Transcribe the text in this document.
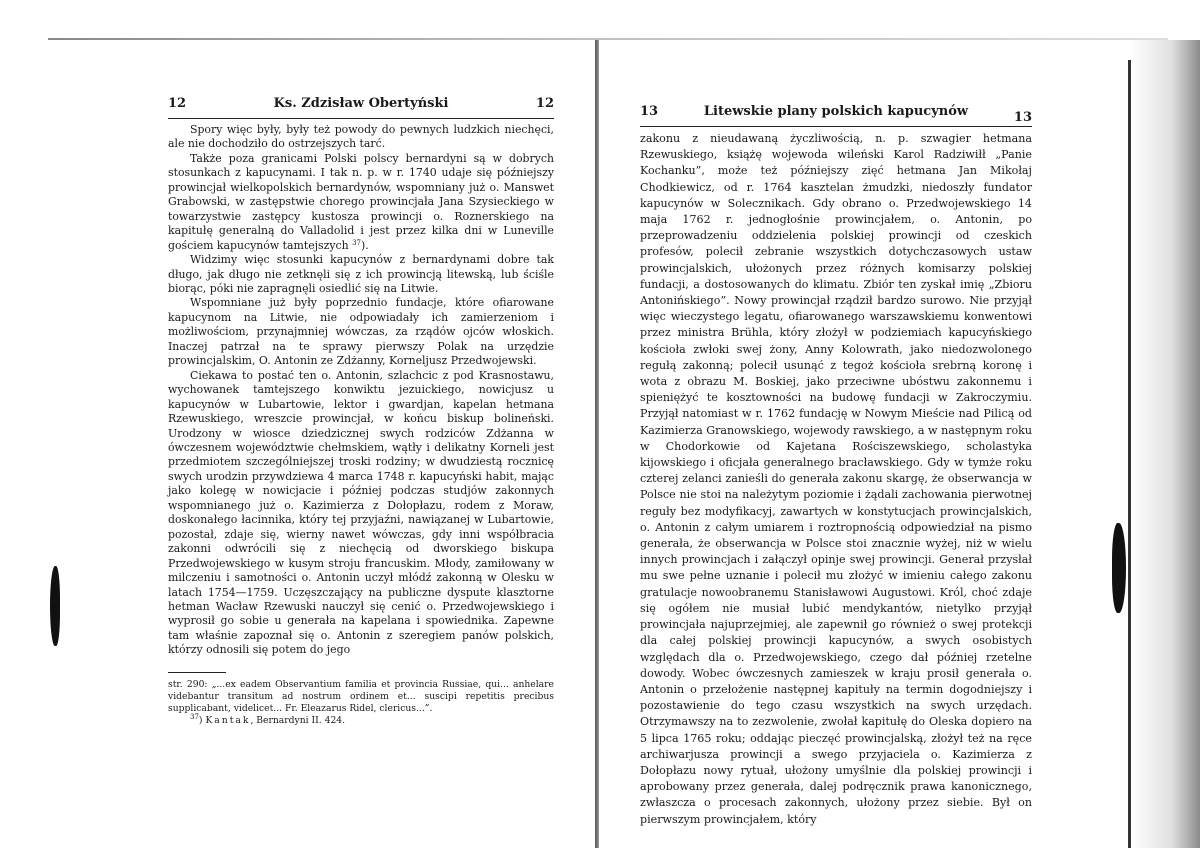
12	Ks. Zdzisław Obertyński	12

Spory więc były, były też powody do pewnych ludzkich niechęci, ale nie dochodziło do ostrzejszych tarć.

Także poza granicami Polski polscy bernardyni są w dobrych stosunkach z kapucynami. I tak n. p. w r. 1740 udaje się późniejszy prowincjał wielkopolskich bernardynów, wspomniany już o. Manswet Grabowski, w zastępstwie chorego prowincjała Jana Szysieckiego w towarzystwie zastępcy kustosza prowincji o. Roznerskiego na kapitułę generalną do Valladolid i jest przez kilka dni w Luneville gościem kapucynów tamtejszych $^{37}$).

Widzimy więc stosunki kapucynów z bernardynami dobre tak długo, jak długo nie zetknęli się z ich prowincją litewską, lub ściśle biorąc, póki nie zapragnęli osiedlić się na Litwie.

Wspomniane już były poprzednio fundacje, które ofiarowane kapucynom na Litwie, nie odpowiadały ich zamierzeniom i możliwościom, przynajmniej wówczas, za rządów ojców włoskich. Inaczej patrzał na te sprawy pierwszy Polak na urzędzie prowincjalskim, O. Antonin ze Zdżanny, Korneljusz Przedwojewski.

Ciekawa to postać ten o. Antonin, szlachcic z pod Krasnostawu, wychowanek tamtejszego konwiktu jezuickiego, nowicjusz u kapucynów w Lubartowie, lektor i gwardjan, kapelan hetmana Rzewuskiego, wreszcie prowincjał, w końcu biskup bolineński. Urodzony w wiosce dziedzicznej swych rodziców Zdżanna w ówczesnem województwie chełmskiem, wątły i delikatny Korneli jest przedmiotem szczególniejszej troski rodziny; w dwudziestą rocznicę swych urodzin przywdziewa 4 marca 1748 r. kapucyński habit, mając jako kolegę w nowicjacie i później podczas studjów zakonnych wspomnianego już o. Kazimierza z Dołopłazu, rodem z Moraw, doskonałego łacinnika, który tej przyjaźni, nawiązanej w Lubartowie, pozostał, zdaje się, wierny nawet wówczas, gdy inni współbracia zakonni odwrócili się z niechęcią od dworskiego biskupa Przedwojewskiego w kusym stroju francuskim. Młody, zamiłowany w milczeniu i samotności o. Antonin uczył młódź zakonną w Olesku w latach 1754—1759. Uczęszczający na publiczne dyspute klasztorne hetman Wacław Rzewuski nauczył się cenić o. Przedwojewskiego i wyprosił go sobie u generała na kapelana i spowiednika. Zapewne tam właśnie zapoznał się o. Antonin z szeregiem panów polskich, którzy odnosili się potem do jego

str. 290: „...ex eadem Observantium familia et provincia Russiae, qui... anhelare videbantur transitum ad nostrum ordinem et... suscipi repetitis precibus supplicabant, videlicet... Fr. Eleazarus Ridel, clericus...”.

$^{37}$) Kantak, Bernardyni II. 424.

13	Litewskie plany polskich kapucynów	13

zakonu z nieudawaną życzliwością, n. p. szwagier hetmana Rzewuskiego, książę wojewoda wileński Karol Radziwiłł „Panie Kochanku”, może też późniejszy zięć hetmana Jan Mikołaj Chodkiewicz, od r. 1764 kasztelan żmudzki, niedoszły fundator kapucynów w Solecznikach. Gdy obrano o. Przedwojewskiego 14 maja 1762 r. jednogłośnie prowincjałem, o. Antonin, po przeprowadzeniu oddzielenia polskiej prowincji od czeskich profesów, polecił zebranie wszystkich dotychczasowych ustaw prowincjalskich, ułożonych przez różnych komisarzy polskiej fundacji, a dostosowanych do klimatu. Zbiór ten zyskał imię „Zbioru Antonińskiego”. Nowy prowincjał rządził bardzo surowo. Nie przyjął więc wieczystego legatu, ofiarowanego warszawskiemu konwentowi przez ministra Brühla, który złożył w podziemiach kapucyńskiego kościoła zwłoki swej żony, Anny Kolowrath, jako niedozwolonego regułą zakonną; polecił usunąć z tegoż kościoła srebrną koronę i wota z obrazu M. Boskiej, jako przeciwne ubóstwu zakonnemu i spieniężyć te kosztowności na budowę fundacji w Zakroczymiu. Przyjął natomiast w r. 1762 fundację w Nowym Mieście nad Pilicą od Kazimierza Granowskiego, wojewody rawskiego, a w następnym roku w Chodorkowie od Kajetana Rościszewskiego, scholastyka kijowskiego i oficjała generalnego bracławskiego. Gdy w tymże roku czterej zelanci zanieśli do generała zakonu skargę, że obserwancja w Polsce nie stoi na należytym poziomie i żądali zachowania pierwotnej reguły bez modyfikacyj, zawartych w konstytucjach prowincjalskich, o. Antonin z całym umiarem i roztropnością odpowiedział na pismo generała, że obserwancja w Polsce stoi znacznie wyżej, niż w wielu innych prowincjach i załączył opinje swej prowincji. Generał przysłał mu swe pełne uznanie i polecił mu złożyć w imieniu całego zakonu gratulacje nowoobranemu Stanisławowi Augustowi. Król, choć zdaje się ogółem nie musiał lubić mendykantów, nietylko przyjął prowincjała najuprzejmiej, ale zapewnił go również o swej protekcji dla całej polskiej prowincji kapucynów, a swych osobistych względach dla o. Przedwojewskiego, czego dał później rzetelne dowody. Wobec ówczesnych zamieszek w kraju prosił generała o. Antonin o przełożenie następnej kapituły na termin dogodniejszy i pozostawienie do tego czasu wszystkich na swych urzędach. Otrzymawszy na to zezwolenie, zwołał kapitułę do Oleska dopiero na 5 lipca 1765 roku; oddając pieczęć prowincjalską, złożył też na ręce archiwarjusza prowincji a swego przyjaciela o. Kazimierza z Dołopłazu nowy rytuał, ułożony umyślnie dla polskiej prowincji i aprobowany przez generała, dalej podręcznik prawa kanonicznego, zwłaszcza o procesach zakonnych, ułożony przez siebie. Był on pierwszym prowincjałem, który
